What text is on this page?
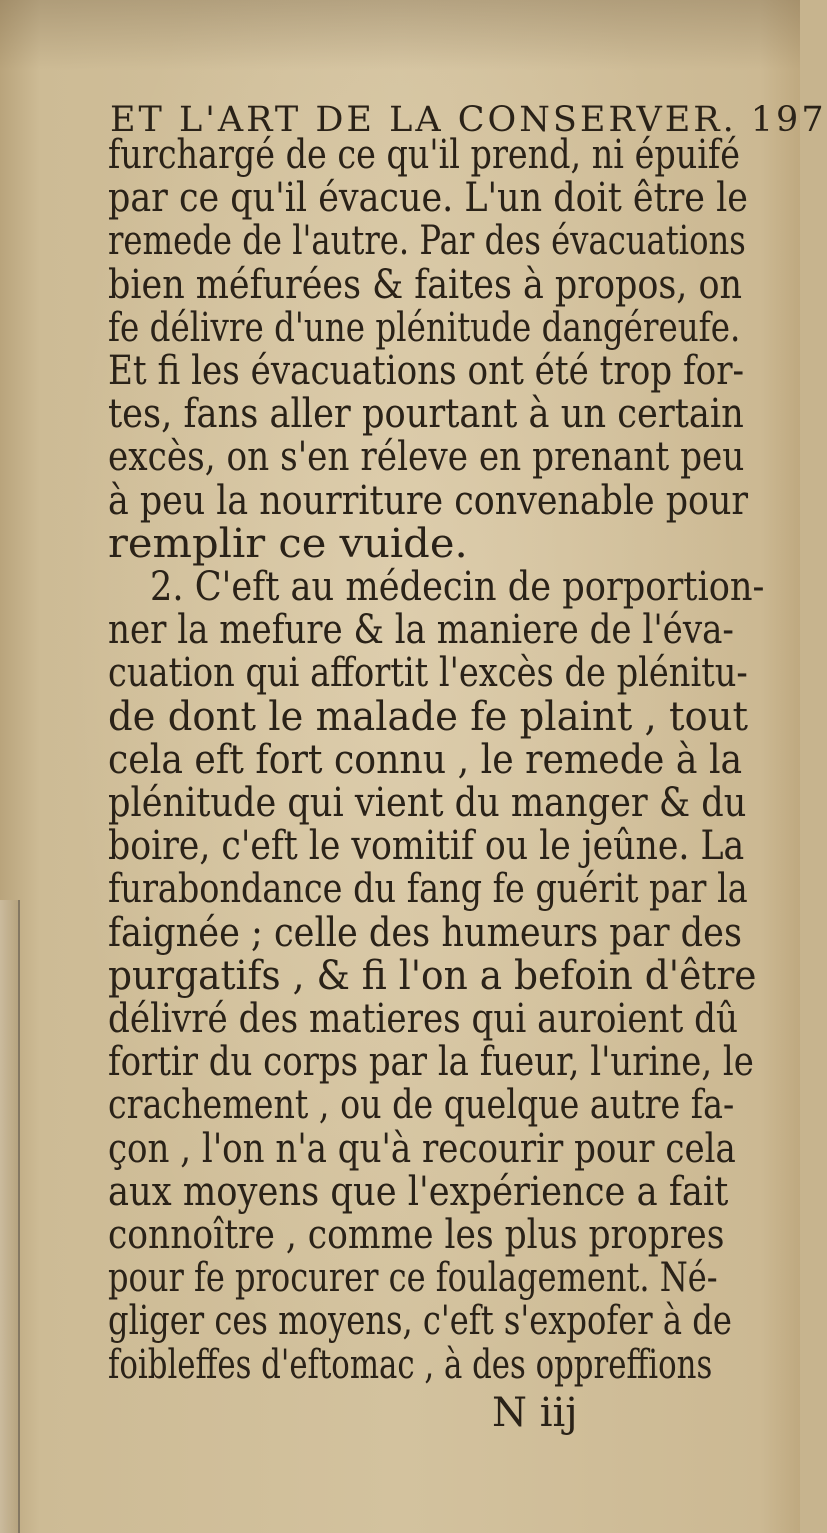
ET L'ART DE LA CONSERVER. 197
furchargé de ce qu'il prend, ni épuifé
par ce qu'il évacue. L'un doit être le
remede de l'autre. Par des évacuations
bien méfurées & faites à propos, on
fe délivre d'une plénitude dangéreufe.
Et fi les évacuations ont été trop for-
tes, fans aller pourtant à un certain
excès, on s'en réleve en prenant peu
à peu la nourriture convenable pour
remplir ce vuide.
2. C'eft au médecin de porportion-
ner la mefure & la maniere de l'éva-
cuation qui affortit l'excès de plénitu-
de dont le malade fe plaint , tout
cela eft fort connu , le remede à la
plénitude qui vient du manger & du
boire, c'eft le vomitif ou le jeûne. La
furabondance du fang fe guérit par la
faignée ; celle des humeurs par des
purgatifs , & fi l'on a befoin d'être
délivré des matieres qui auroient dû
fortir du corps par la fueur, l'urine, le
crachement , ou de quelque autre fa-
çon , l'on n'a qu'à recourir pour cela
aux moyens que l'expérience a fait
connoître , comme les plus propres
pour fe procurer ce foulagement. Né-
gliger ces moyens, c'eft s'expofer à de
foibleffes d'eftomac , à des oppreffions
N iij
